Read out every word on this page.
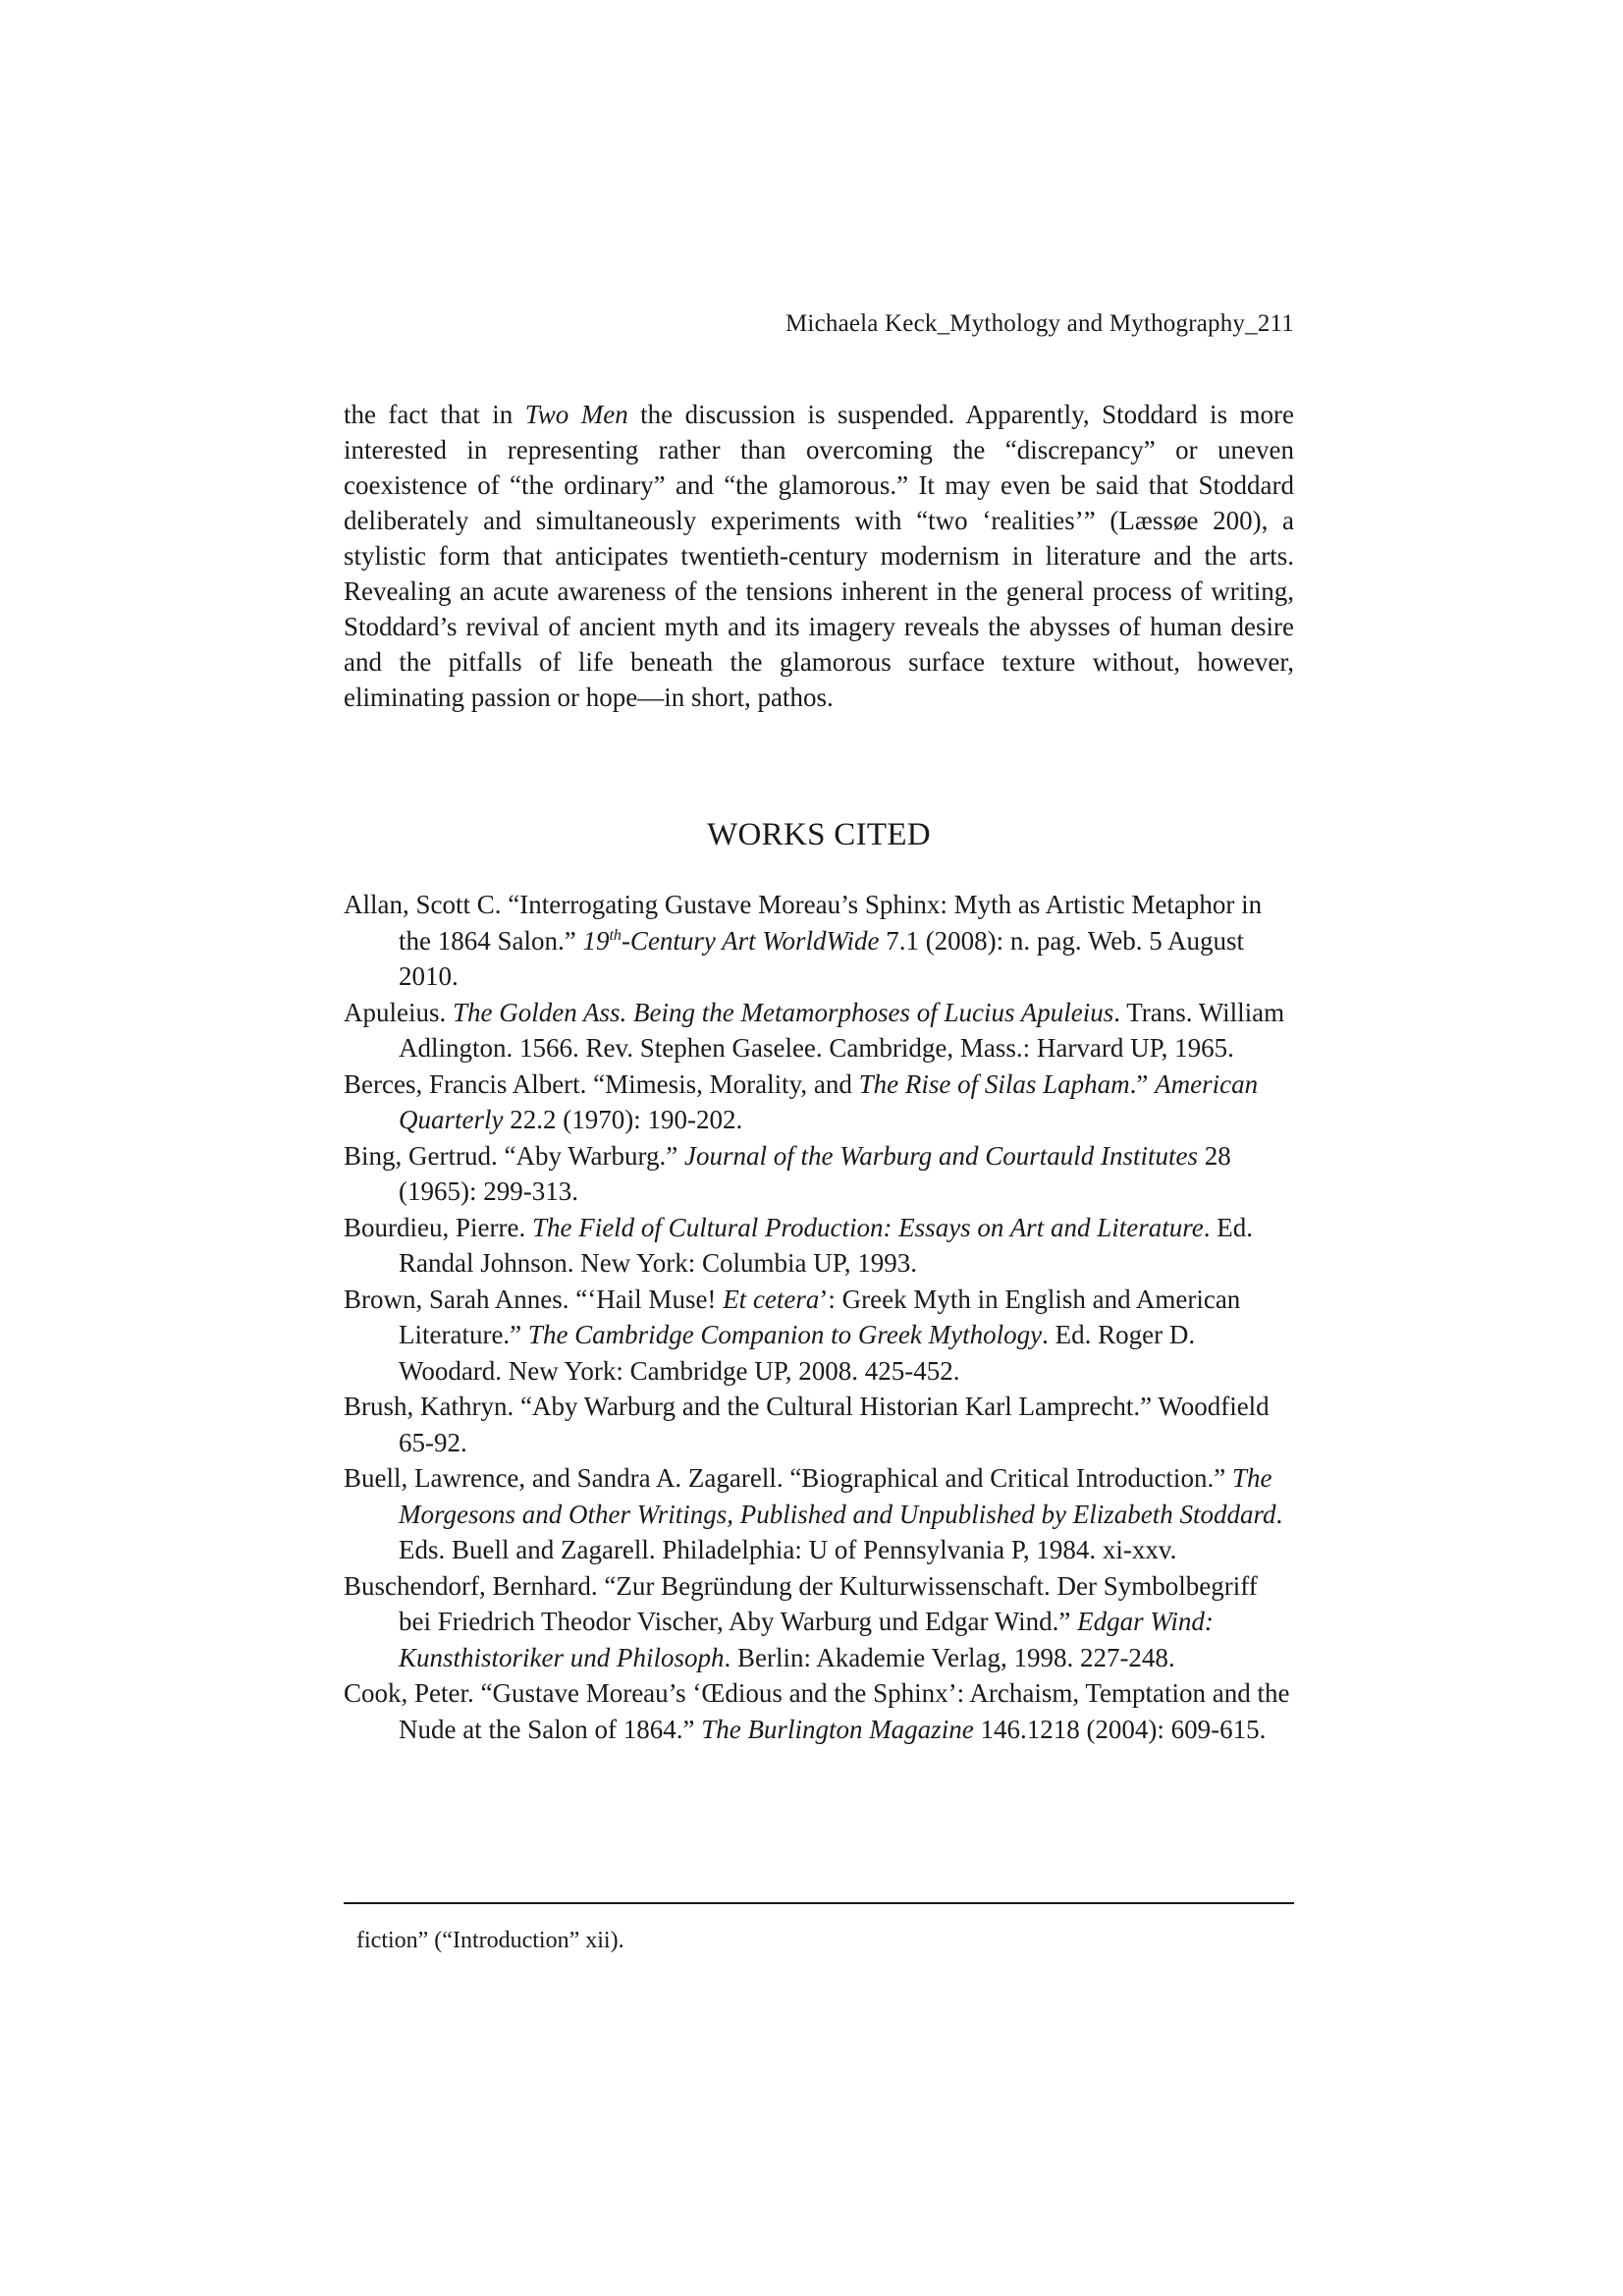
Michaela Keck_Mythology and Mythography_211

the fact that in Two Men the discussion is suspended. Apparently, Stoddard is more interested in representing rather than overcoming the “discrepancy” or uneven coexistence of “the ordinary” and “the glamorous.” It may even be said that Stoddard deliberately and simultaneously experiments with “two ‘realities’” (Læssøe 200), a stylistic form that anticipates twentieth-century modernism in literature and the arts. Revealing an acute awareness of the tensions inherent in the general process of writing, Stoddard’s revival of ancient myth and its imagery reveals the abysses of human desire and the pitfalls of life beneath the glamorous surface texture without, however, eliminating passion or hope—in short, pathos.

WORKS CITED
Allan, Scott C. “Interrogating Gustave Moreau’s Sphinx: Myth as Artistic Metaphor in the 1864 Salon.” 19th-Century Art WorldWide 7.1 (2008): n. pag. Web. 5 August 2010.
Apuleius. The Golden Ass. Being the Metamorphoses of Lucius Apuleius. Trans. William Adlington. 1566. Rev. Stephen Gaselee. Cambridge, Mass.: Harvard UP, 1965.
Berces, Francis Albert. “Mimesis, Morality, and The Rise of Silas Lapham.” American Quarterly 22.2 (1970): 190-202.
Bing, Gertrud. “Aby Warburg.” Journal of the Warburg and Courtauld Institutes 28 (1965): 299-313.
Bourdieu, Pierre. The Field of Cultural Production: Essays on Art and Literature. Ed. Randal Johnson. New York: Columbia UP, 1993.
Brown, Sarah Annes. “‘Hail Muse! Et cetera’: Greek Myth in English and American Literature.” The Cambridge Companion to Greek Mythology. Ed. Roger D. Woodard. New York: Cambridge UP, 2008. 425-452.
Brush, Kathryn. “Aby Warburg and the Cultural Historian Karl Lamprecht.” Woodfield 65-92.
Buell, Lawrence, and Sandra A. Zagarell. “Biographical and Critical Introduction.” The Morgesons and Other Writings, Published and Unpublished by Elizabeth Stoddard. Eds. Buell and Zagarell. Philadelphia: U of Pennsylvania P, 1984. xi-xxv.
Buschendorf, Bernhard. “Zur Begründung der Kulturwissenschaft. Der Symbolbegriff bei Friedrich Theodor Vischer, Aby Warburg und Edgar Wind.” Edgar Wind: Kunsthistoriker und Philosoph. Berlin: Akademie Verlag, 1998. 227-248.
Cook, Peter. “Gustave Moreau’s ‘Œdious and the Sphinx’: Archaism, Temptation and the Nude at the Salon of 1864.” The Burlington Magazine 146.1218 (2004): 609-615.

fiction” (“Introduction” xii).
